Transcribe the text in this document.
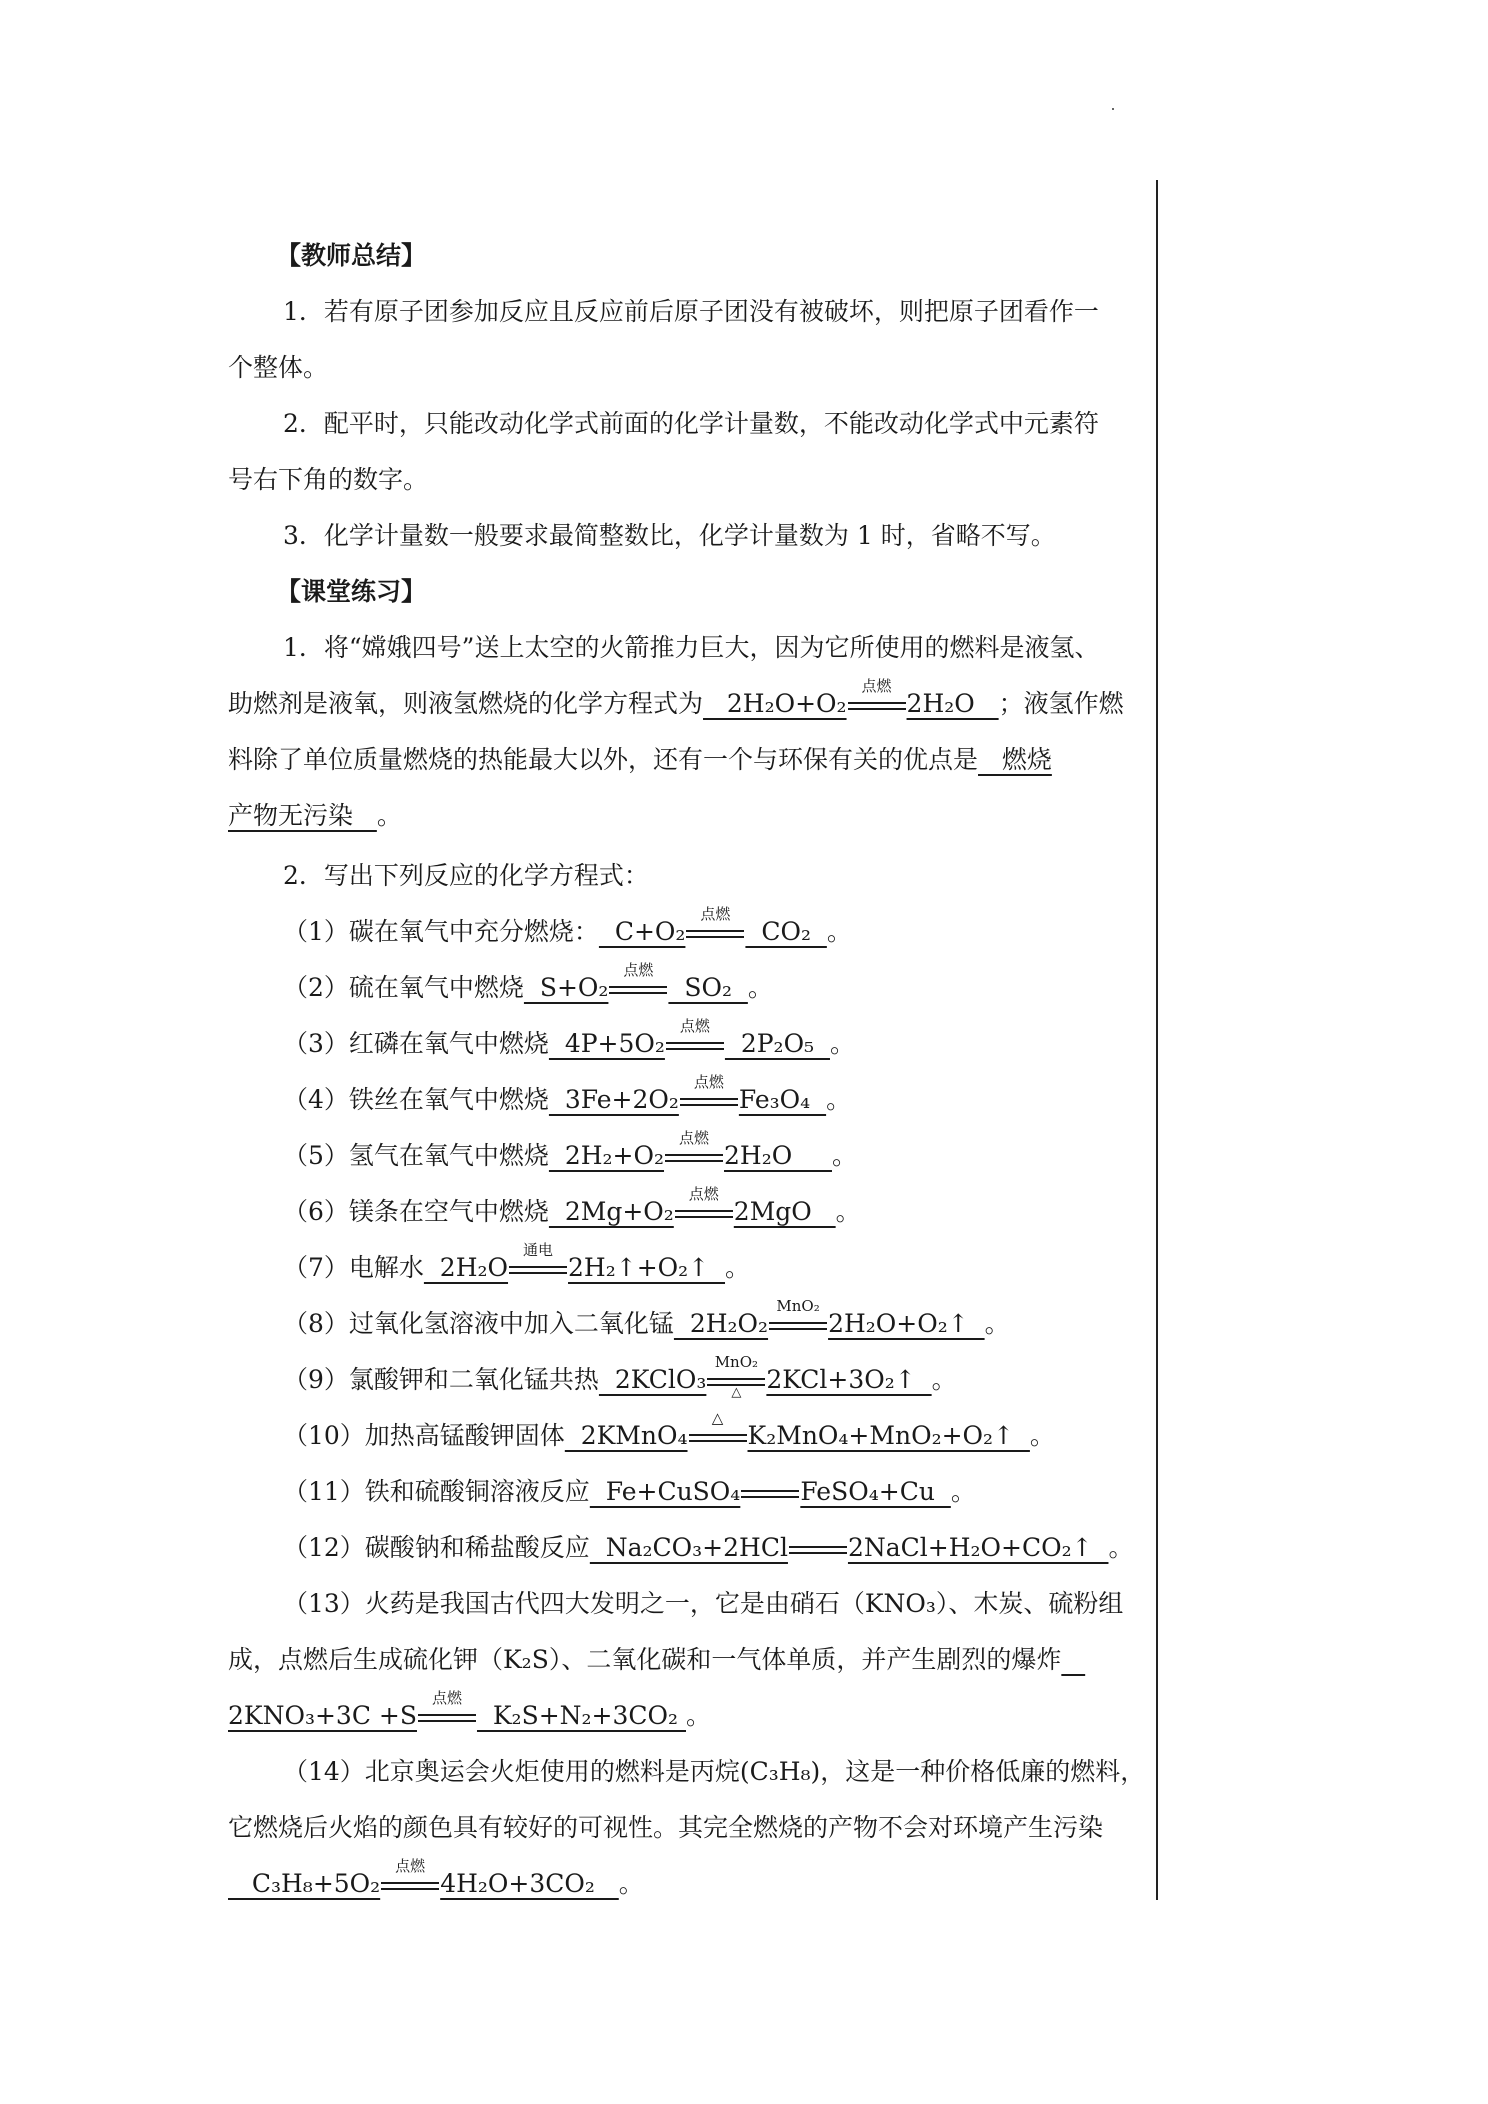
【教师总结】
1．若有原子团参加反应且反应前后原子团没有被破坏，则把原子团看作一
个整体。
2．配平时，只能改动化学式前面的化学计量数，不能改动化学式中元素符
号右下角的数字。
3．化学计量数一般要求最简整数比，化学计量数为 1 时，省略不写。
【课堂练习】
1．将“嫦娥四号”送上太空的火箭推力巨大，因为它所使用的燃料是液氢、
助燃剂是液氧，则液氢燃烧的化学方程式为   2H₂O+O₂
点燃
2H₂O   ；液氢作燃
料除了单位质量燃烧的热能最大以外，还有一个与环保有关的优点是   燃烧
产物无污染   。
2．写出下列反应的化学方程式：
（1）碳在氧气中充分燃烧：  C+O₂
点燃
CO₂  。
（2）硫在氧气中燃烧  S+O₂
点燃
SO₂  。
（3）红磷在氧气中燃烧  4P+5O₂
点燃
2P₂O₅  。
（4）铁丝在氧气中燃烧  3Fe+2O₂
点燃
Fe₃O₄  。
（5）氢气在氧气中燃烧  2H₂+O₂
点燃
2H₂O     。
（6）镁条在空气中燃烧  2Mg+O₂
点燃
2MgO   。
（7）电解水  2H₂O
通电
2H₂↑+O₂↑  。
（8）过氧化氢溶液中加入二氧化锰  2H₂O₂
MnO₂
2H₂O+O₂↑  。
（9）氯酸钾和二氧化锰共热  2KClO₃
MnO₂
△	2KCl+3O₂↑  。
（10）加热高锰酸钾固体  2KMnO₄
△
K₂MnO₄+MnO₂+O₂↑  。
（11）铁和硫酸铜溶液反应  Fe+CuSO₄ FeSO₄+Cu  。
（12）碳酸钠和稀盐酸反应  Na₂CO₃+2HCl 2NaCl+H₂O+CO₂↑  。
（13）火药是我国古代四大发明之一，它是由硝石（KNO₃）、木炭、硫粉组
成，点燃后生成硫化钾（K₂S）、二氧化碳和一气体单质，并产生剧烈的爆炸
2KNO₃+3C +S
点燃
K₂S+N₂+3CO₂ 。
（14）北京奥运会火炬使用的燃料是丙烷(C₃H₈)，这是一种价格低廉的燃料，
它燃烧后火焰的颜色具有较好的可视性。其完全燃烧的产物不会对环境产生污染
C₃H₈+5O₂
点燃
4H₂O+3CO₂   。
